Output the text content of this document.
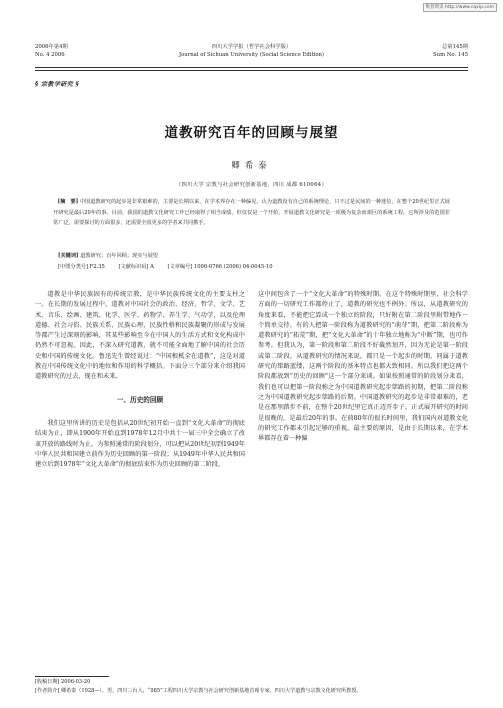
维普资讯 http://www.cqvip.com
2006年第4期
No. 4 2006
四川大学学报（哲学社会科学版）
Journal of Sichuan University (Social Science Edition)
总第145期
Sum No. 145
§ 宗教学研究 §
道教研究百年的回顾与展望
卿希泰
（四川大学 宗教与社会研究创新基地，四川 成都 610064）
[摘　要] 中国道教研究的起步是非常艰难的，主要是长期以来，在学术界存在一种偏见，认为道教没有自己的系统理论，只不过是民间的一种迷信，在整个20世纪里正式展开研究是最后20年的事。目前，我国的道教文化研究工作已经取得了相当成绩，但仅仅是一个开始，开展道教文化研究是一项极为复杂而艰巨的系统工程，它所涉及的范围非常广泛，需要探讨的方面很多，还需要全国更多的学者来共同携手。
[关键词] 道教研究；百年回顾；现实与展望
[中图分类号] F2.35	[文献标识码] A	[文章编号] 1006-0766 (2006) 04-0045-10

道教是中华民族固有的传统宗教，是中华民族传统文化的主要支柱之一。在长期的发展过程中，道教对中国社会的政治、经济、哲学、文学、艺术、音乐、绘画、建筑、化学、医学、药物学、养生学、气功学，以及伦理道德、社会习俗、民族关系、民族心理、民族性格和民族凝聚的形成与发展等都产生过深刻的影响，其某些影响至今在中国人的生活方式和文化构成中仍然不可忽视。因此，不深入研究道教，就不可能全面地了解中国的社会历史和中国的传统文化。鲁迅先生曾经说过：“中国根柢全在道教”，这是对道教在中国传统文化中的地位和作用的科学概括。下面分三个部分来介绍我国道教研究的过去、现在和未来。

一、历史的回顾

我们这里所讲的历史是包括从20世纪初开始一直到“文化大革命”的彻底结束为止，即从1900年开始直到1978年12月中共十一届三中全会确立了改革开放的路线时为止。为参照通常的阶段划分，可以把从20世纪初到1949年中华人民共和国建立前作为历史回顾的第一阶段；从1949年中华人民共和国建立后到1978年“文化大革命”的彻底结束作为历史回顾的第二阶段，

这中间包含了一个“文化大革命”的特殊时期。在这个特殊时期里，社会科学方面的一切研究工作都停止了，道教的研究也不例外。所以，从道教研究的角度来看，不能把它算成一个独立的阶段，只好附在第二阶段里附带地作一个简单交待。有的人把第一阶段称为道教研究的“萌芽”期，把第二阶段称为道教研究的“拓荒”期，把“文化大革命”的十年独立地称为“中断”期，也可作参考。但我认为，第一阶段和第二阶段不好截然划开，因为无论是第一阶段或第二阶段，从道教研究的情况来说，都只是一个起步的时期，同属于道教研究的筚路蓝缕，这两个阶段的基本特点也都大致相同。所以我们把这两个阶段都放到“历史的回顾”这一个部分来谈。如果按照通常的阶段划分来看，我们也可以把第一阶段称之为中国道教研究起步筚路的初期，把第二阶段称之为中国道教研究起步筚路的后期。中国道教研究的起步是非常艰难的，老是在那里踏步不前，在整个20世纪里它真正迈开步子、正式展开研究的时间是很晚的，是最后20年的事。在前80年的很长时间里，我们国内对道教文化的研究工作都未引起足够的重视。最主要的原因，是由于长期以来，在学术界都存在着一种偏

[收稿日期] 2006-03-20
[作者简介] 卿希泰（1928—），男，四川三台人，“985”工程四川大学宗教与社会研究创新基地首席专家，四川大学道教与宗教文化研究所教授。
